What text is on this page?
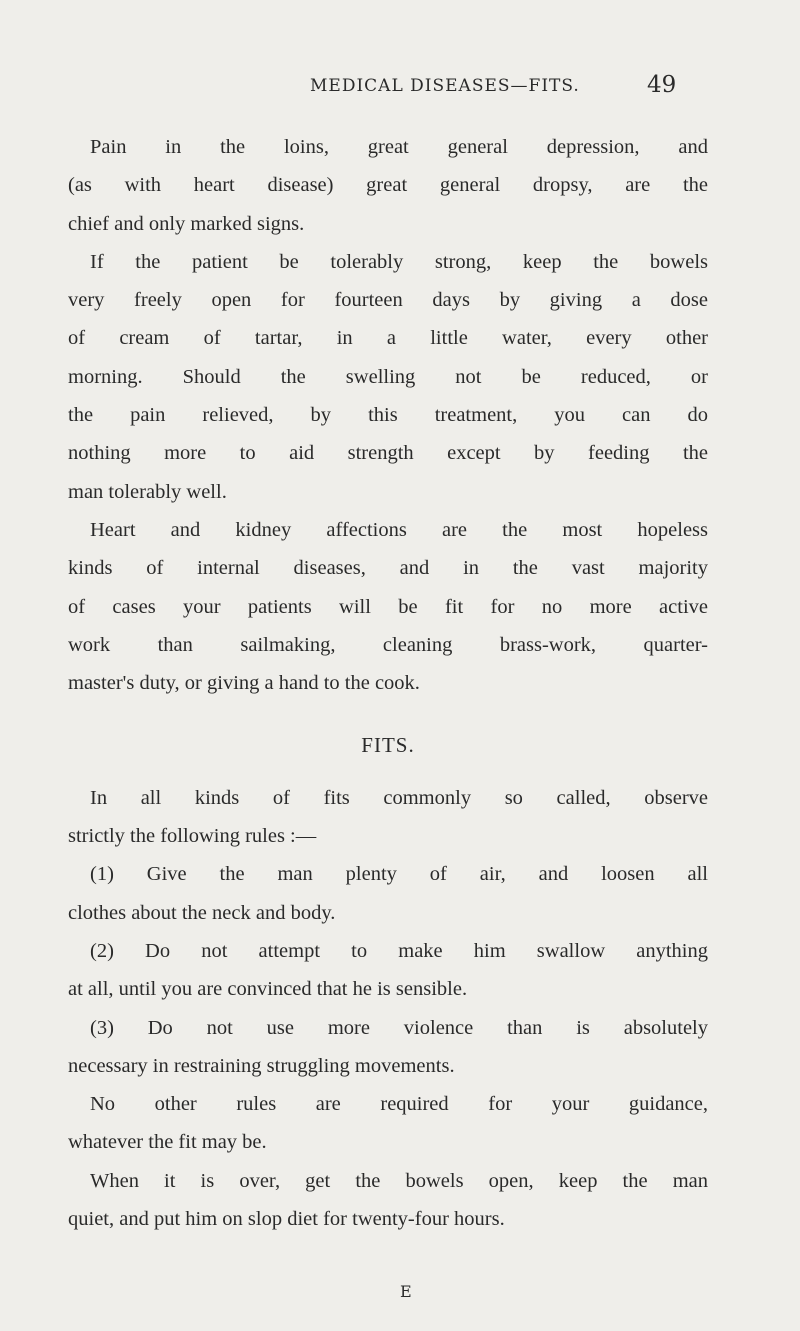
MEDICAL DISEASES—FITS.	49
Pain in the loins, great general depression, and
(as with heart disease) great general dropsy, are the
chief and only marked signs.
If the patient be tolerably strong, keep the bowels
very freely open for fourteen days by giving a dose
of cream of tartar, in a little water, every other
morning. Should the swelling not be reduced, or
the pain relieved, by this treatment, you can do
nothing more to aid strength except by feeding the
man tolerably well.
Heart and kidney affections are the most hopeless
kinds of internal diseases, and in the vast majority
of cases your patients will be fit for no more active
work than sailmaking, cleaning brass-work, quarter-
master's duty, or giving a hand to the cook.
FITS.
In all kinds of fits commonly so called, observe
strictly the following rules :—
(1) Give the man plenty of air, and loosen all
clothes about the neck and body.
(2) Do not attempt to make him swallow anything
at all, until you are convinced that he is sensible.
(3) Do not use more violence than is absolutely
necessary in restraining struggling movements.
No other rules are required for your guidance,
whatever the fit may be.
When it is over, get the bowels open, keep the man
quiet, and put him on slop diet for twenty-four hours.
E
